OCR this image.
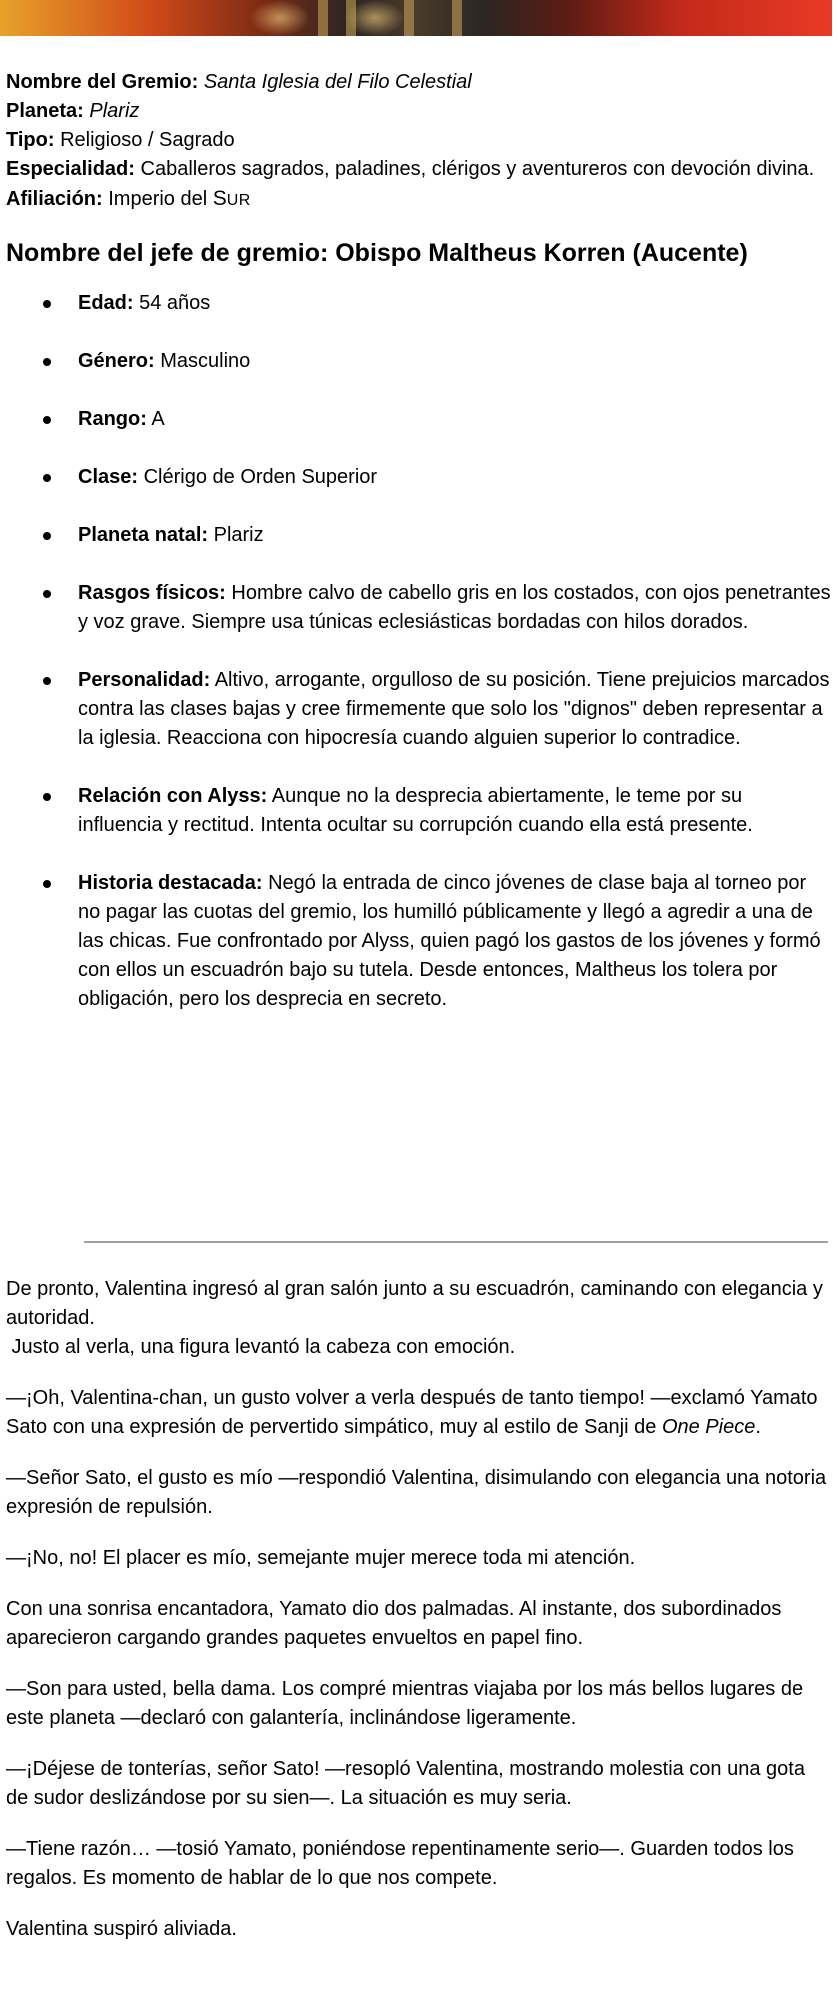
Nombre del Gremio: Santa Iglesia del Filo Celestial

Planeta: Plariz

Tipo: Religioso / Sagrado

Especialidad: Caballeros sagrados, paladines, clérigos y aventureros con devoción divina.

Afiliación: Imperio del SUR

Nombre del jefe de gremio: Obispo Maltheus Korren (Aucente)
Edad: 54 años
Género: Masculino
Rango: A
Clase: Clérigo de Orden Superior
Planeta natal: Plariz
Rasgos físicos: Hombre calvo de cabello gris en los costados, con ojos penetrantes y voz grave. Siempre usa túnicas eclesiásticas bordadas con hilos dorados.
Personalidad: Altivo, arrogante, orgulloso de su posición. Tiene prejuicios marcados contra las clases bajas y cree firmemente que solo los "dignos" deben representar a la iglesia. Reacciona con hipocresía cuando alguien superior lo contradice.
Relación con Alyss: Aunque no la desprecia abiertamente, le teme por su influencia y rectitud. Intenta ocultar su corrupción cuando ella está presente.
Historia destacada: Negó la entrada de cinco jóvenes de clase baja al torneo por no pagar las cuotas del gremio, los humilló públicamente y llegó a agredir a una de las chicas. Fue confrontado por Alyss, quien pagó los gastos de los jóvenes y formó con ellos un escuadrón bajo su tutela. Desde entonces, Maltheus los tolera por obligación, pero los desprecia en secreto.

De pronto, Valentina ingresó al gran salón junto a su escuadrón, caminando con elegancia y autoridad.
Justo al verla, una figura levantó la cabeza con emoción.

—¡Oh, Valentina-chan, un gusto volver a verla después de tanto tiempo! —exclamó Yamato Sato con una expresión de pervertido simpático, muy al estilo de Sanji de One Piece.

—Señor Sato, el gusto es mío —respondió Valentina, disimulando con elegancia una notoria expresión de repulsión.

—¡No, no! El placer es mío, semejante mujer merece toda mi atención.

Con una sonrisa encantadora, Yamato dio dos palmadas. Al instante, dos subordinados aparecieron cargando grandes paquetes envueltos en papel fino.

—Son para usted, bella dama. Los compré mientras viajaba por los más bellos lugares de este planeta —declaró con galantería, inclinándose ligeramente.

—¡Déjese de tonterías, señor Sato! —resopló Valentina, mostrando molestia con una gota de sudor deslizándose por su sien—. La situación es muy seria.

—Tiene razón… —tosió Yamato, poniéndose repentinamente serio—. Guarden todos los regalos. Es momento de hablar de lo que nos compete.

Valentina suspiró aliviada.
